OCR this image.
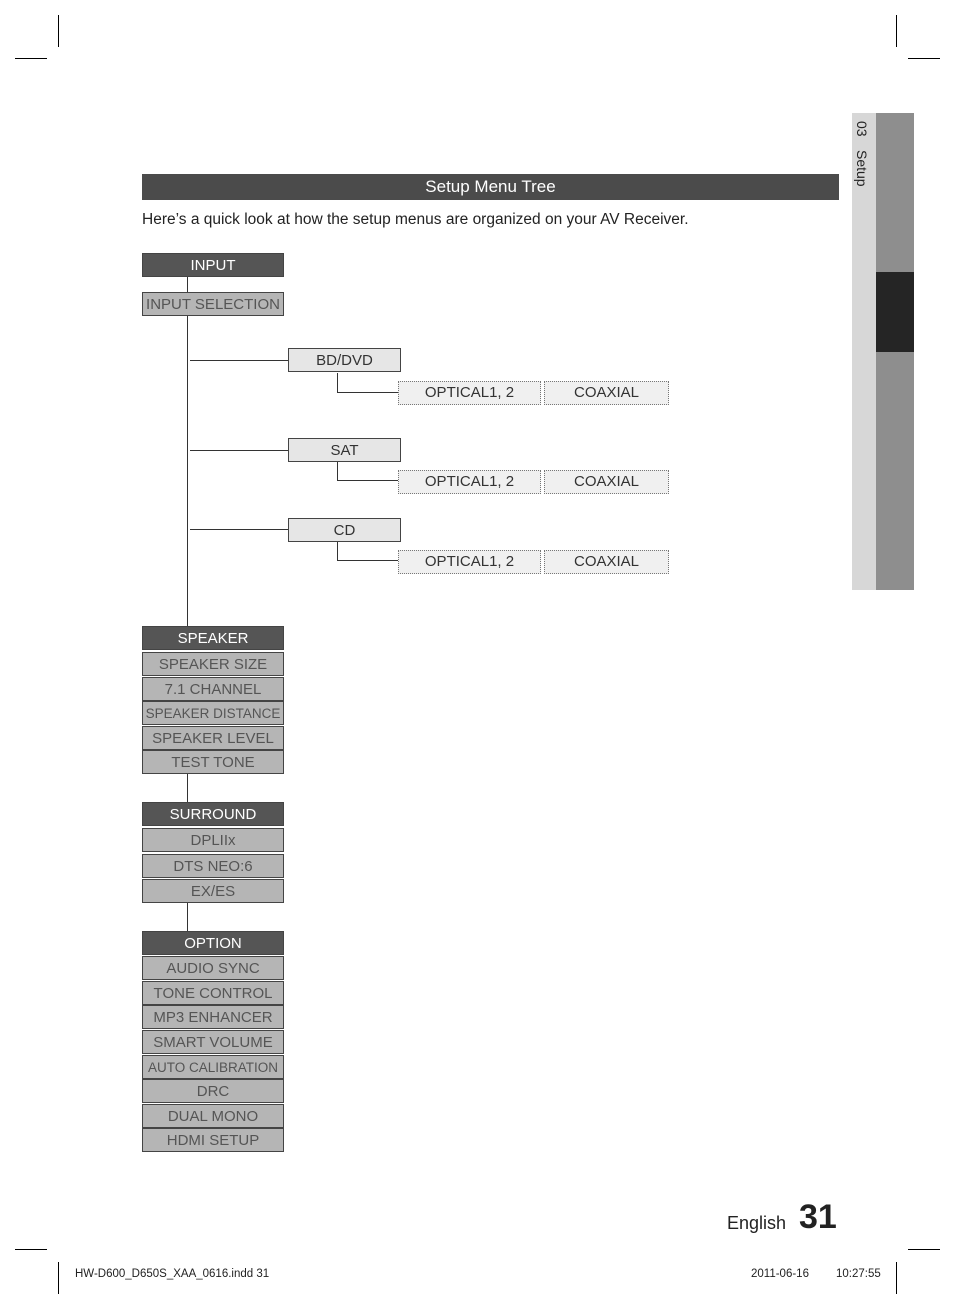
03 Setup
Setup Menu Tree
Here’s a quick look at how the setup menus are organized on your AV Receiver.
INPUT
INPUT SELECTION
BD/DVD
OPTICAL1, 2	COAXIAL
SAT
OPTICAL1, 2	COAXIAL
CD
OPTICAL1, 2	COAXIAL
SPEAKER
SPEAKER SIZE
7.1 CHANNEL
SPEAKER DISTANCE
SPEAKER LEVEL
TEST TONE
SURROUND
DPLIIx
DTS NEO:6
EX/ES
OPTION
AUDIO SYNC
TONE CONTROL
MP3 ENHANCER
SMART VOLUME
AUTO CALIBRATION
DRC
DUAL MONO
HDMI SETUP
English 31
HW-D600_D650S_XAA_0616.indd 31	2011-06-16 10:27:55
